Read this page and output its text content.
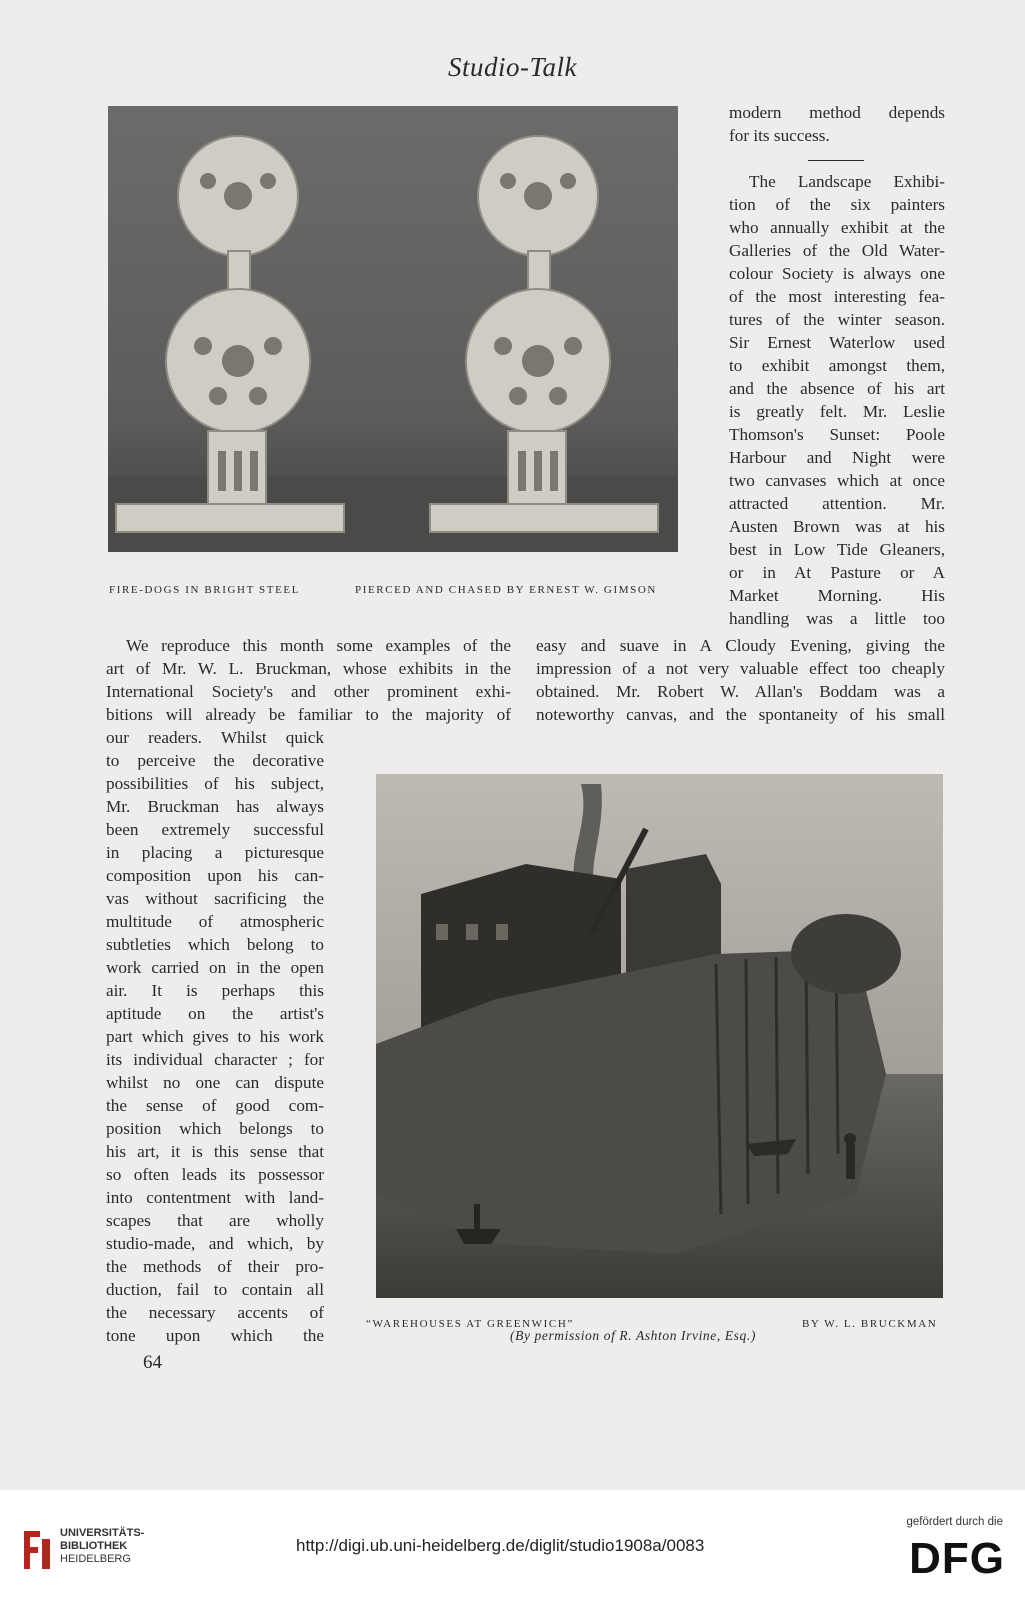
Studio-Talk
FIRE-DOGS IN BRIGHT STEEL	PIERCED AND CHASED BY ERNEST W. GIMSON
modern method depends
for its success.
The Landscape Exhibi-
tion of the six painters
who annually exhibit at the
Galleries of the Old Water-
colour Society is always one
of the most interesting fea-
tures of the winter season.
Sir Ernest Waterlow used
to exhibit amongst them,
and the absence of his art
is greatly felt. Mr. Leslie
Thomson's Sunset: Poole
Harbour and Night were
two canvases which at once
attracted attention. Mr.
Austen Brown was at his
best in Low Tide Gleaners,
or in At Pasture or A
Market Morning. His
handling was a little too
We reproduce this month some examples of the
art of Mr. W. L. Bruckman, whose exhibits in the
International Society's and other prominent exhi-
bitions will already be familiar to the majority of
our readers. Whilst quick
to perceive the decorative
possibilities of his subject,
Mr. Bruckman has always
been extremely successful
in placing a picturesque
composition upon his can-
vas without sacrificing the
multitude of atmospheric
subtleties which belong to
work carried on in the open
air. It is perhaps this
aptitude on the artist's
part which gives to his work
its individual character ; for
whilst no one can dispute
the sense of good com-
position which belongs to
his art, it is this sense that
so often leads its possessor
into contentment with land-
scapes that are wholly
studio-made, and which, by
the methods of their pro-
duction, fail to contain all
the necessary accents of
tone upon which the
easy and suave in A Cloudy Evening, giving the
impression of a not very valuable effect too cheaply
obtained. Mr. Robert W. Allan's Boddam was a
noteworthy canvas, and the spontaneity of his small
“WAREHOUSES AT GREENWICH”	BY W. L. BRUCKMAN
(By permission of R. Ashton Irvine, Esq.)
64
UNIVERSITÄTS-
BIBLIOTHEK
HEIDELBERG
http://digi.ub.uni-heidelberg.de/diglit/studio1908a/0083
gefördert durch die
DFG
